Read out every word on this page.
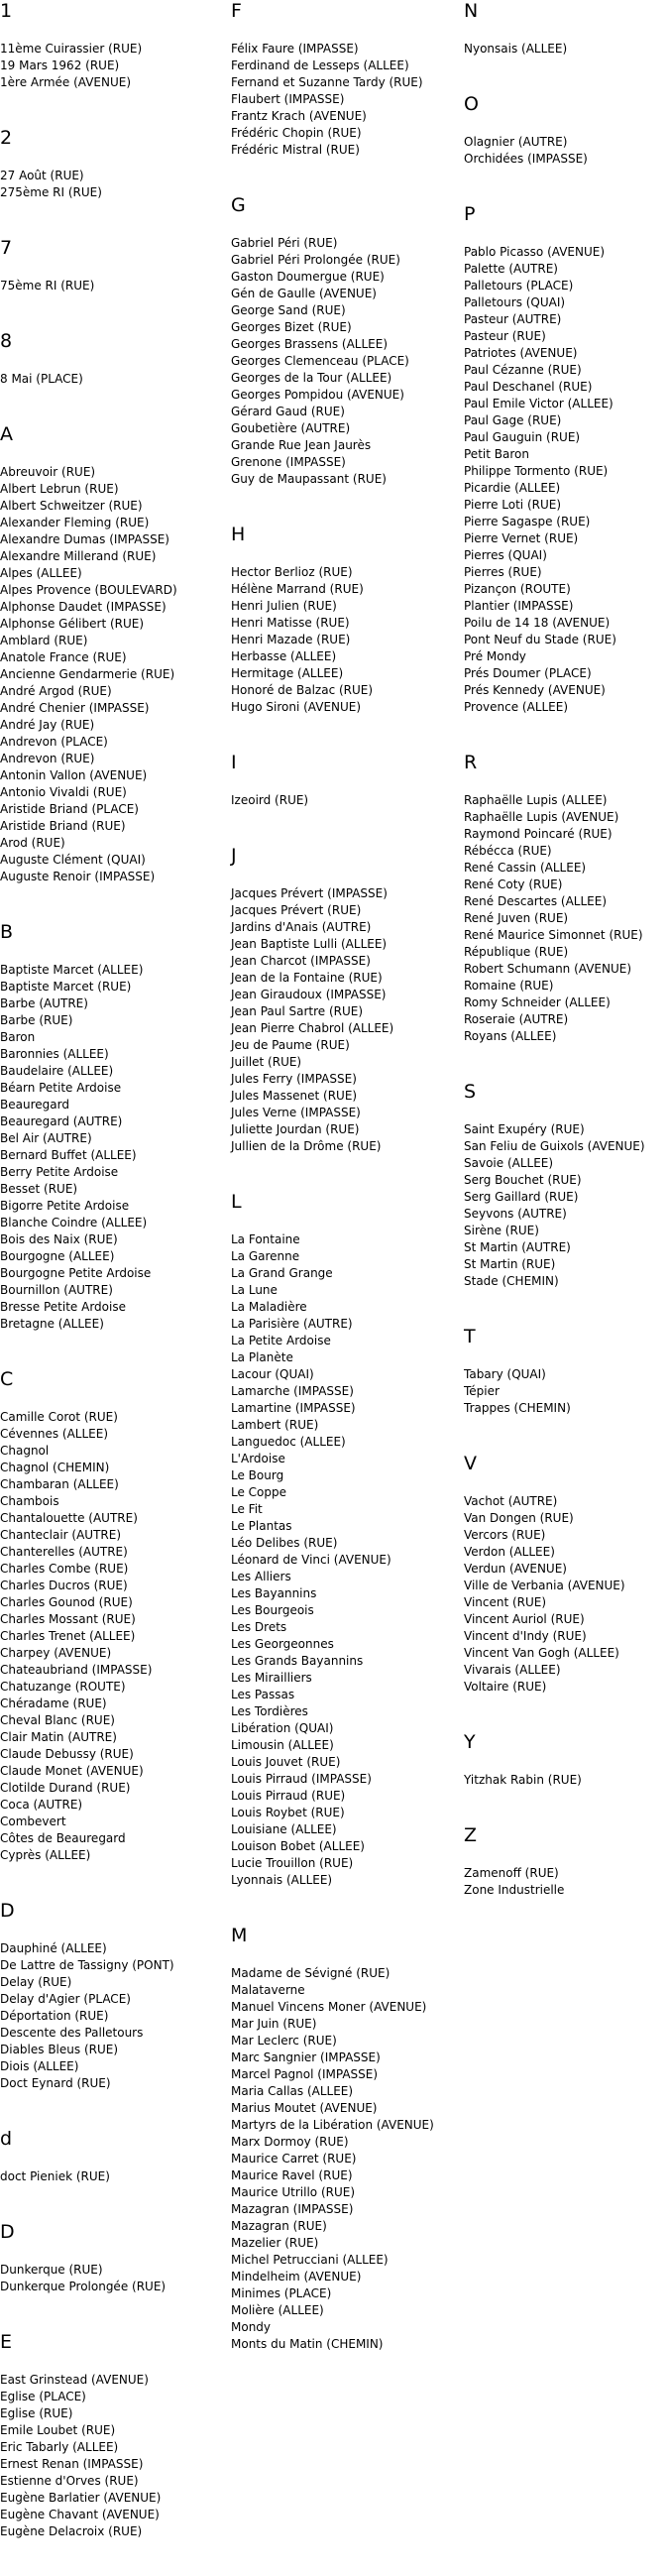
1
11ème Cuirassier (RUE)
19 Mars 1962 (RUE)
1ère Armée (AVENUE)
2
27 Août (RUE)
275ème RI (RUE)
7
75ème RI (RUE)
8
8 Mai (PLACE)
A
Abreuvoir (RUE)
Albert Lebrun (RUE)
Albert Schweitzer (RUE)
Alexander Fleming (RUE)
Alexandre Dumas (IMPASSE)
Alexandre Millerand (RUE)
Alpes (ALLEE)
Alpes Provence (BOULEVARD)
Alphonse Daudet (IMPASSE)
Alphonse Gélibert (RUE)
Amblard (RUE)
Anatole France (RUE)
Ancienne Gendarmerie (RUE)
André Argod (RUE)
André Chenier (IMPASSE)
André Jay (RUE)
Andrevon (PLACE)
Andrevon (RUE)
Antonin Vallon (AVENUE)
Antonio Vivaldi (RUE)
Aristide Briand (PLACE)
Aristide Briand (RUE)
Arod (RUE)
Auguste Clément (QUAI)
Auguste Renoir (IMPASSE)
B
Baptiste Marcet (ALLEE)
Baptiste Marcet (RUE)
Barbe (AUTRE)
Barbe (RUE)
Baron
Baronnies (ALLEE)
Baudelaire (ALLEE)
Béarn Petite Ardoise
Beauregard
Beauregard (AUTRE)
Bel Air (AUTRE)
Bernard Buffet (ALLEE)
Berry Petite Ardoise
Besset (RUE)
Bigorre Petite Ardoise
Blanche Coindre (ALLEE)
Bois des Naix (RUE)
Bourgogne (ALLEE)
Bourgogne Petite Ardoise
Bournillon (AUTRE)
Bresse Petite Ardoise
Bretagne (ALLEE)
C
Camille Corot (RUE)
Cévennes (ALLEE)
Chagnol
Chagnol (CHEMIN)
Chambaran (ALLEE)
Chambois
Chantalouette (AUTRE)
Chanteclair (AUTRE)
Chanterelles (AUTRE)
Charles Combe (RUE)
Charles Ducros (RUE)
Charles Gounod (RUE)
Charles Mossant (RUE)
Charles Trenet (ALLEE)
Charpey (AVENUE)
Chateaubriand (IMPASSE)
Chatuzange (ROUTE)
Chéradame (RUE)
Cheval Blanc (RUE)
Clair Matin (AUTRE)
Claude Debussy (RUE)
Claude Monet (AVENUE)
Clotilde Durand (RUE)
Coca (AUTRE)
Combevert
Côtes de Beauregard
Cyprès (ALLEE)
D
Dauphiné (ALLEE)
De Lattre de Tassigny (PONT)
Delay (RUE)
Delay d'Agier (PLACE)
Déportation (RUE)
Descente des Palletours
Diables Bleus (RUE)
Diois (ALLEE)
Doct Eynard (RUE)
d
doct Pieniek (RUE)
D
Dunkerque (RUE)
Dunkerque Prolongée (RUE)
E
East Grinstead (AVENUE)
Eglise (PLACE)
Eglise (RUE)
Emile Loubet (RUE)
Eric Tabarly (ALLEE)
Ernest Renan (IMPASSE)
Estienne d'Orves (RUE)
Eugène Barlatier (AVENUE)
Eugène Chavant (AVENUE)
Eugène Delacroix (RUE)
F
Félix Faure (IMPASSE)
Ferdinand de Lesseps (ALLEE)
Fernand et Suzanne Tardy (RUE)
Flaubert (IMPASSE)
Frantz Krach (AVENUE)
Frédéric Chopin (RUE)
Frédéric Mistral (RUE)
G
Gabriel Péri (RUE)
Gabriel Péri Prolongée (RUE)
Gaston Doumergue (RUE)
Gén de Gaulle (AVENUE)
George Sand (RUE)
Georges Bizet (RUE)
Georges Brassens (ALLEE)
Georges Clemenceau (PLACE)
Georges de la Tour (ALLEE)
Georges Pompidou (AVENUE)
Gérard Gaud (RUE)
Goubetière (AUTRE)
Grande Rue Jean Jaurès
Grenone (IMPASSE)
Guy de Maupassant (RUE)
H
Hector Berlioz (RUE)
Hélène Marrand (RUE)
Henri Julien (RUE)
Henri Matisse (RUE)
Henri Mazade (RUE)
Herbasse (ALLEE)
Hermitage (ALLEE)
Honoré de Balzac (RUE)
Hugo Sironi (AVENUE)
I
Izeoird (RUE)
J
Jacques Prévert (IMPASSE)
Jacques Prévert (RUE)
Jardins d'Anais (AUTRE)
Jean Baptiste Lulli (ALLEE)
Jean Charcot (IMPASSE)
Jean de la Fontaine (RUE)
Jean Giraudoux (IMPASSE)
Jean Paul Sartre (RUE)
Jean Pierre Chabrol (ALLEE)
Jeu de Paume (RUE)
Juillet (RUE)
Jules Ferry (IMPASSE)
Jules Massenet (RUE)
Jules Verne (IMPASSE)
Juliette Jourdan (RUE)
Jullien de la Drôme (RUE)
L
La Fontaine
La Garenne
La Grand Grange
La Lune
La Maladière
La Parisière (AUTRE)
La Petite Ardoise
La Planète
Lacour (QUAI)
Lamarche (IMPASSE)
Lamartine (IMPASSE)
Lambert (RUE)
Languedoc (ALLEE)
L'Ardoise
Le Bourg
Le Coppe
Le Fit
Le Plantas
Léo Delibes (RUE)
Léonard de Vinci (AVENUE)
Les Alliers
Les Bayannins
Les Bourgeois
Les Drets
Les Georgeonnes
Les Grands Bayannins
Les Mirailliers
Les Passas
Les Tordières
Libération (QUAI)
Limousin (ALLEE)
Louis Jouvet (RUE)
Louis Pirraud (IMPASSE)
Louis Pirraud (RUE)
Louis Roybet (RUE)
Louisiane (ALLEE)
Louison Bobet (ALLEE)
Lucie Trouillon (RUE)
Lyonnais (ALLEE)
M
Madame de Sévigné (RUE)
Malataverne
Manuel Vincens Moner (AVENUE)
Mar Juin (RUE)
Mar Leclerc (RUE)
Marc Sangnier (IMPASSE)
Marcel Pagnol (IMPASSE)
Maria Callas (ALLEE)
Marius Moutet (AVENUE)
Martyrs de la Libération (AVENUE)
Marx Dormoy (RUE)
Maurice Carret (RUE)
Maurice Ravel (RUE)
Maurice Utrillo (RUE)
Mazagran (IMPASSE)
Mazagran (RUE)
Mazelier (RUE)
Michel Petrucciani (ALLEE)
Mindelheim (AVENUE)
Minimes (PLACE)
Molière (ALLEE)
Mondy
Monts du Matin (CHEMIN)
N
Nyonsais (ALLEE)
O
Olagnier (AUTRE)
Orchidées (IMPASSE)
P
Pablo Picasso (AVENUE)
Palette (AUTRE)
Palletours (PLACE)
Palletours (QUAI)
Pasteur (AUTRE)
Pasteur (RUE)
Patriotes (AVENUE)
Paul Cézanne (RUE)
Paul Deschanel (RUE)
Paul Emile Victor (ALLEE)
Paul Gage (RUE)
Paul Gauguin (RUE)
Petit Baron
Philippe Tormento (RUE)
Picardie (ALLEE)
Pierre Loti (RUE)
Pierre Sagaspe (RUE)
Pierre Vernet (RUE)
Pierres (QUAI)
Pierres (RUE)
Pizançon (ROUTE)
Plantier (IMPASSE)
Poilu de 14 18 (AVENUE)
Pont Neuf du Stade (RUE)
Pré Mondy
Prés Doumer (PLACE)
Prés Kennedy (AVENUE)
Provence (ALLEE)
R
Raphaëlle Lupis (ALLEE)
Raphaëlle Lupis (AVENUE)
Raymond Poincaré (RUE)
Rébécca (RUE)
René Cassin (ALLEE)
René Coty (RUE)
René Descartes (ALLEE)
René Juven (RUE)
René Maurice Simonnet (RUE)
République (RUE)
Robert Schumann (AVENUE)
Romaine (RUE)
Romy Schneider (ALLEE)
Roseraie (AUTRE)
Royans (ALLEE)
S
Saint Exupéry (RUE)
San Feliu de Guixols (AVENUE)
Savoie (ALLEE)
Serg Bouchet (RUE)
Serg Gaillard (RUE)
Seyvons (AUTRE)
Sirène (RUE)
St Martin (AUTRE)
St Martin (RUE)
Stade (CHEMIN)
T
Tabary (QUAI)
Tépier
Trappes (CHEMIN)
V
Vachot (AUTRE)
Van Dongen (RUE)
Vercors (RUE)
Verdon (ALLEE)
Verdun (AVENUE)
Ville de Verbania (AVENUE)
Vincent (RUE)
Vincent Auriol (RUE)
Vincent d'Indy (RUE)
Vincent Van Gogh (ALLEE)
Vivarais (ALLEE)
Voltaire (RUE)
Y
Yitzhak Rabin (RUE)
Z
Zamenoff (RUE)
Zone Industrielle
